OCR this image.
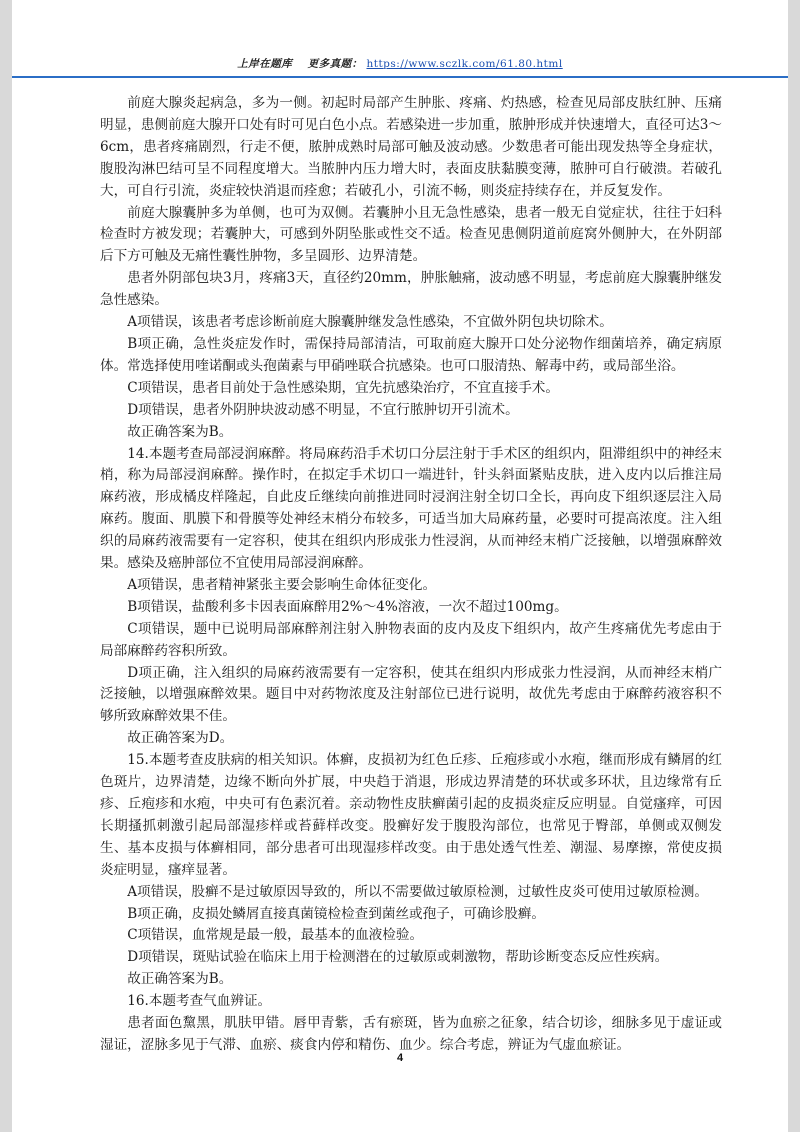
上岸在题库 更多真题： https://www.sczlk.com/61.80.html

前庭大腺炎起病急，多为一侧。初起时局部产生肿胀、疼痛、灼热感，检查见局部皮肤红肿、压痛明显，患侧前庭大腺开口处有时可见白色小点。若感染进一步加重，脓肿形成并快速增大，直径可达3～6cm，患者疼痛剧烈，行走不便，脓肿成熟时局部可触及波动感。少数患者可能出现发热等全身症状，腹股沟淋巴结可呈不同程度增大。当脓肿内压力增大时，表面皮肤黏膜变薄，脓肿可自行破溃。若破孔大，可自行引流，炎症较快消退而痊愈；若破孔小，引流不畅，则炎症持续存在，并反复发作。

前庭大腺囊肿多为单侧，也可为双侧。若囊肿小且无急性感染，患者一般无自觉症状，往往于妇科检查时方被发现；若囊肿大，可感到外阴坠胀或性交不适。检查见患侧阴道前庭窝外侧肿大，在外阴部后下方可触及无痛性囊性肿物，多呈圆形、边界清楚。

患者外阴部包块3月，疼痛3天，直径约20mm，肿胀触痛，波动感不明显，考虑前庭大腺囊肿继发急性感染。

A项错误，该患者考虑诊断前庭大腺囊肿继发急性感染，不宜做外阴包块切除术。

B项正确，急性炎症发作时，需保持局部清洁，可取前庭大腺开口处分泌物作细菌培养，确定病原体。常选择使用喹诺酮或头孢菌素与甲硝唑联合抗感染。也可口服清热、解毒中药，或局部坐浴。

C项错误，患者目前处于急性感染期，宜先抗感染治疗，不宜直接手术。

D项错误，患者外阴肿块波动感不明显，不宜行脓肿切开引流术。

故正确答案为B。

14.本题考查局部浸润麻醉。将局麻药沿手术切口分层注射于手术区的组织内，阻滞组织中的神经末梢，称为局部浸润麻醉。操作时，在拟定手术切口一端进针，针头斜面紧贴皮肤，进入皮内以后推注局麻药液，形成橘皮样隆起，自此皮丘继续向前推进同时浸润注射全切口全长，再向皮下组织逐层注入局麻药。腹面、肌膜下和骨膜等处神经末梢分布较多，可适当加大局麻药量，必要时可提高浓度。注入组织的局麻药液需要有一定容积，使其在组织内形成张力性浸润，从而神经末梢广泛接触，以增强麻醉效果。感染及癌肿部位不宜使用局部浸润麻醉。

A项错误，患者精神紧张主要会影响生命体征变化。

B项错误，盐酸利多卡因表面麻醉用2%～4%溶液，一次不超过100mg。

C项错误，题中已说明局部麻醉剂注射入肿物表面的皮内及皮下组织内，故产生疼痛优先考虑由于局部麻醉药容积所致。

D项正确，注入组织的局麻药液需要有一定容积，使其在组织内形成张力性浸润，从而神经末梢广泛接触，以增强麻醉效果。题目中对药物浓度及注射部位已进行说明，故优先考虑由于麻醉药液容积不够所致麻醉效果不佳。

故正确答案为D。

15.本题考查皮肤病的相关知识。体癣，皮损初为红色丘疹、丘疱疹或小水疱，继而形成有鳞屑的红色斑片，边界清楚，边缘不断向外扩展，中央趋于消退，形成边界清楚的环状或多环状，且边缘常有丘疹、丘疱疹和水疱，中央可有色素沉着。亲动物性皮肤癣菌引起的皮损炎症反应明显。自觉瘙痒，可因长期搔抓刺激引起局部湿疹样或苔藓样改变。股癣好发于腹股沟部位，也常见于臀部，单侧或双侧发生、基本皮损与体癣相同，部分患者可出现湿疹样改变。由于患处透气性差、潮湿、易摩擦，常使皮损炎症明显，瘙痒显著。

A项错误，股癣不是过敏原因导致的，所以不需要做过敏原检测，过敏性皮炎可使用过敏原检测。

B项正确，皮损处鳞屑直接真菌镜检检查到菌丝或孢子，可确诊股癣。

C项错误，血常规是最一般，最基本的血液检验。

D项错误，斑贴试验在临床上用于检测潜在的过敏原或刺激物，帮助诊断变态反应性疾病。

故正确答案为B。

16.本题考查气血辨证。

患者面色黧黑，肌肤甲错。唇甲青紫，舌有瘀斑，皆为血瘀之征象，结合切诊，细脉多见于虚证或湿证，涩脉多见于气滞、血瘀、痰食内停和精伤、血少。综合考虑，辨证为气虚血瘀证。

4
